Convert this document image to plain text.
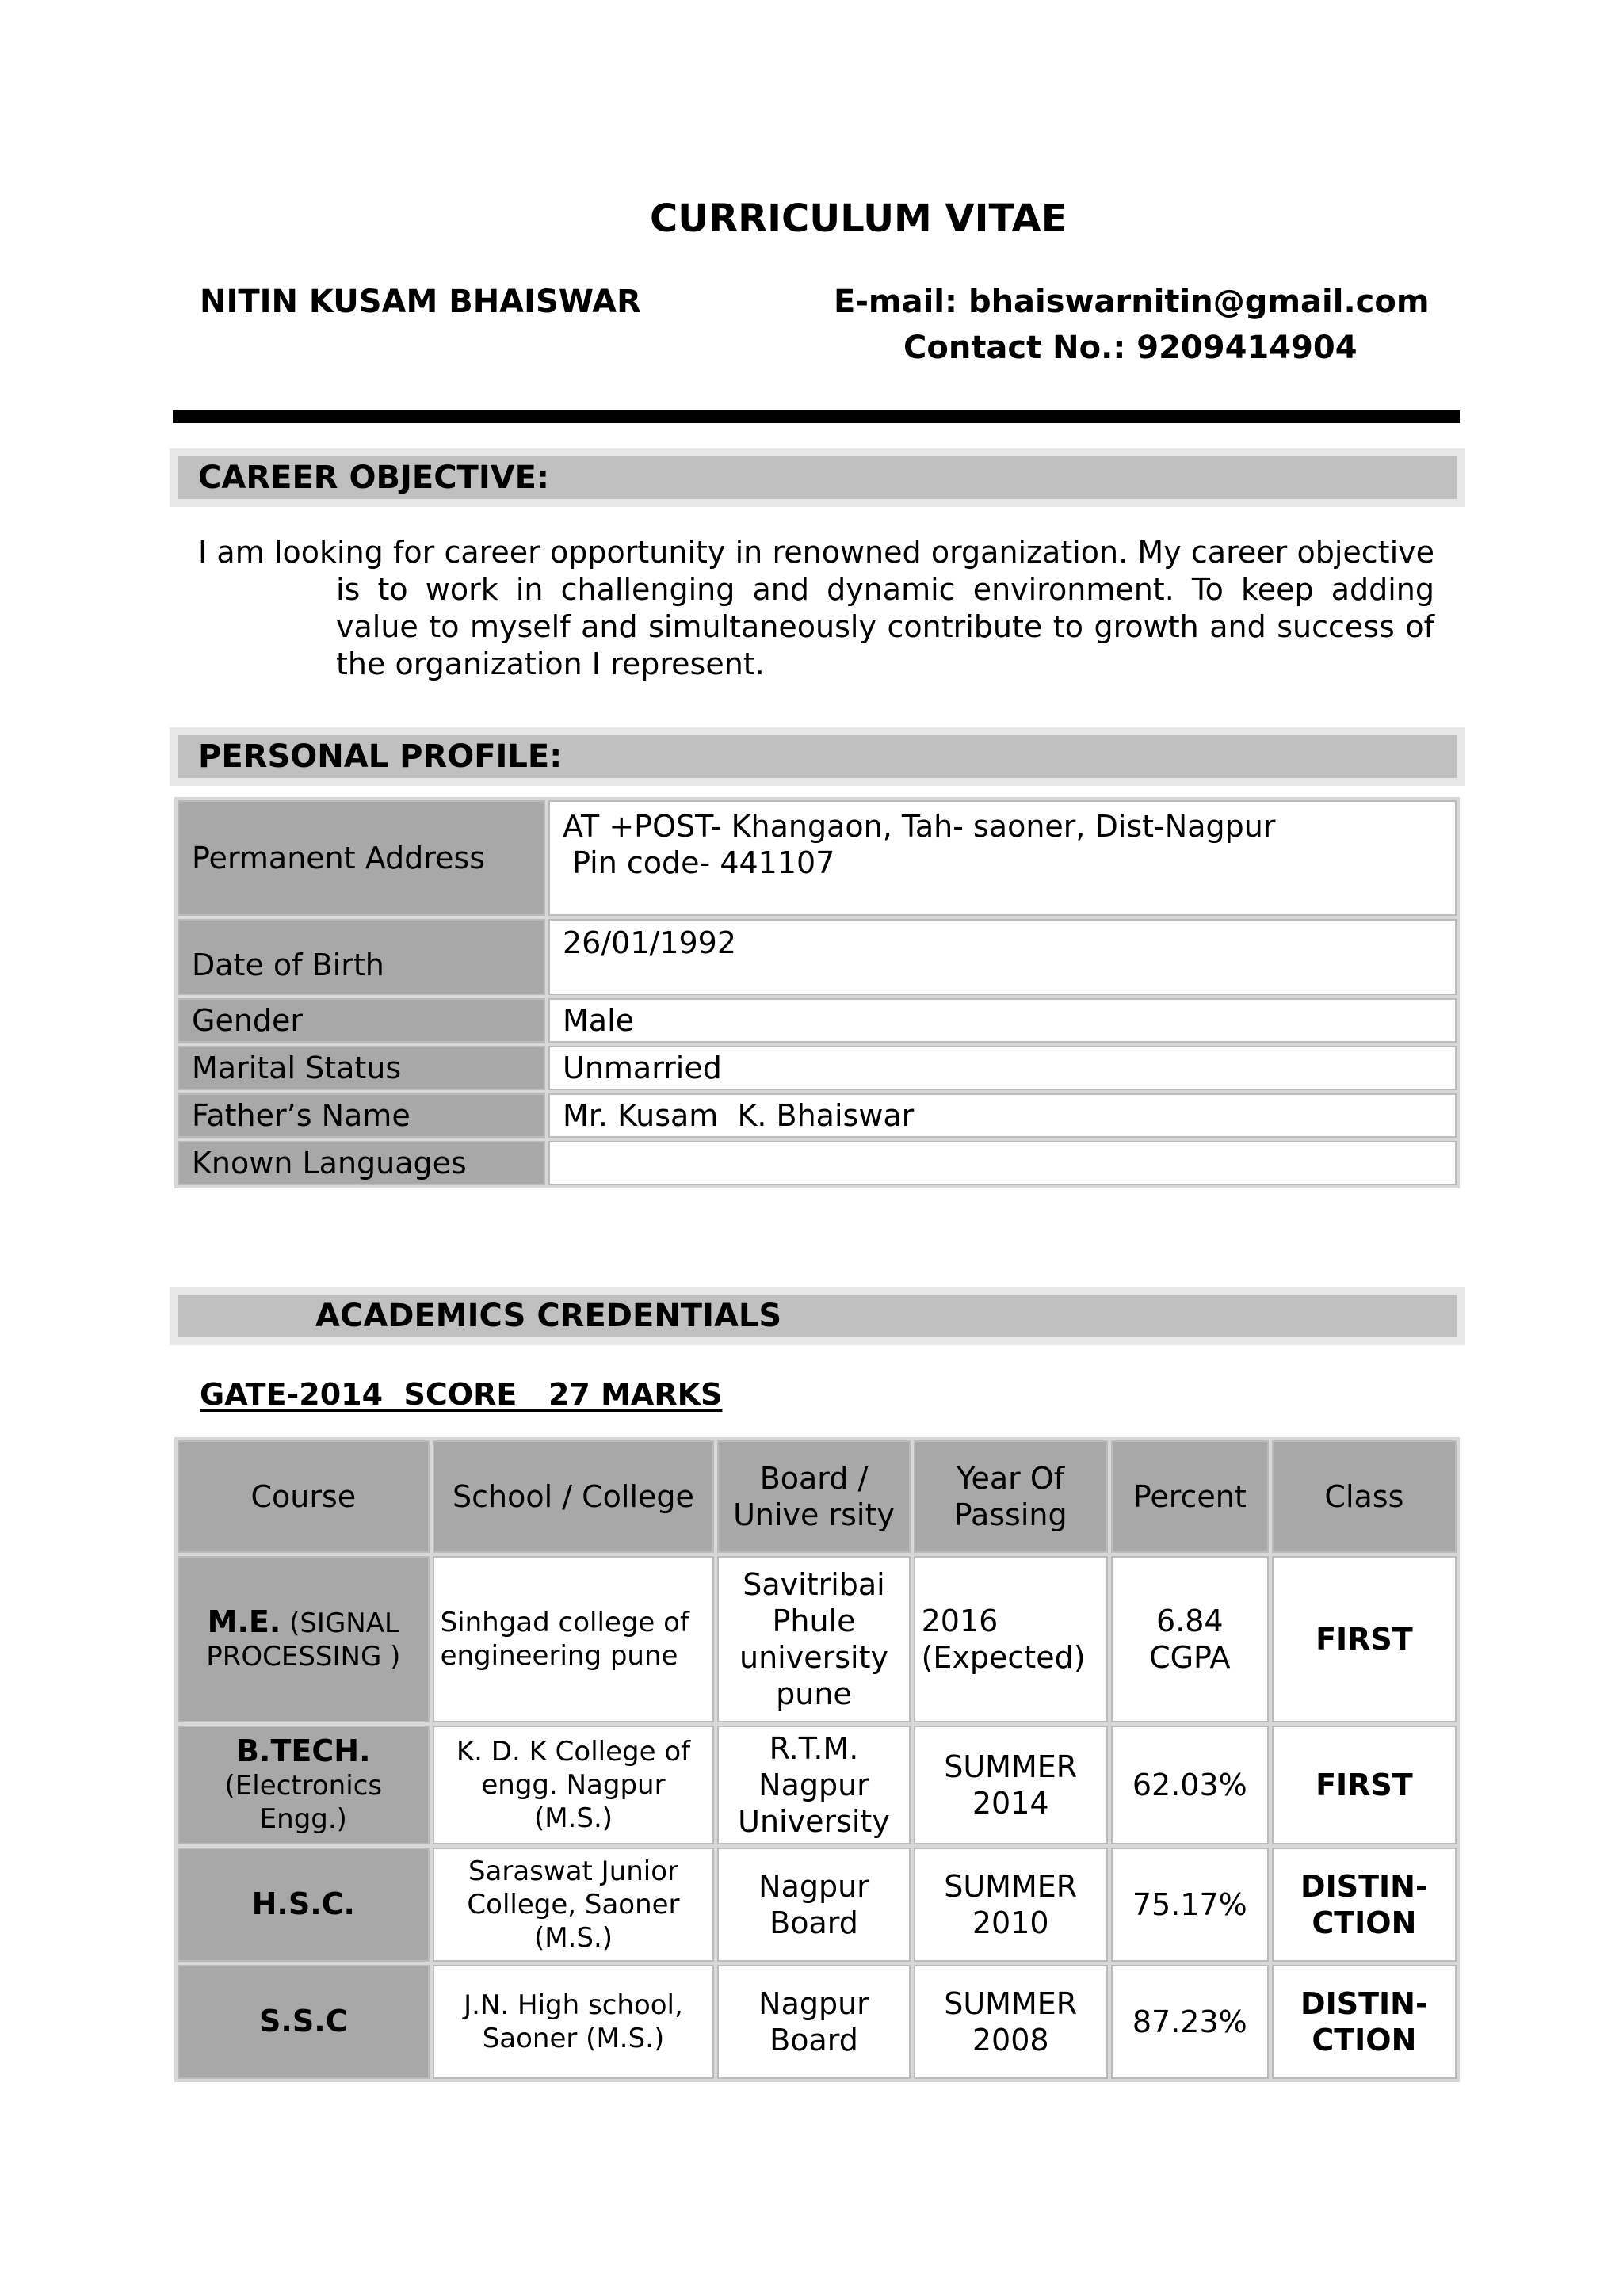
CURRICULUM VITAE
NITIN KUSAM BHAISWAR	E-mail: bhaiswarnitin@gmail.com
Contact No.: 9209414904
CAREER OBJECTIVE:
I am looking for career opportunity in renowned organization. My career objective is to work in challenging and dynamic environment. To keep adding value to myself and simultaneously contribute to growth and success of the organization I represent.
PERSONAL PROFILE:
Permanent Address	AT +POST- Khangaon, Tah- saoner, Dist-Nagpur
Pin code- 441107

Date of Birth	26/01/1992
Gender	Male
Marital Status	Unmarried
Father’s Name	Mr. Kusam  K. Bhaiswar
Known Languages	
ACADEMICS CREDENTIALS
GATE-2014  SCORE   27 MARKS
Course	School / College	Board / Unive rsity	Year Of Passing	Percent	Class
M.E. (SIGNAL PROCESSING )	Sinhgad college of engineering pune	Savitribai Phule university pune	2016 (Expected)	6.84 CGPA	FIRST
B.TECH.
(Electronics Engg.)	K. D. K College of engg. Nagpur (M.S.)	R.T.M. Nagpur University	SUMMER 2014	62.03%	FIRST
H.S.C.	Saraswat Junior College, Saoner (M.S.)	Nagpur Board	SUMMER 2010	75.17%	DISTIN-
CTION
S.S.C	J.N. High school, Saoner (M.S.)	Nagpur Board	SUMMER 2008	87.23%	DISTIN-
CTION
